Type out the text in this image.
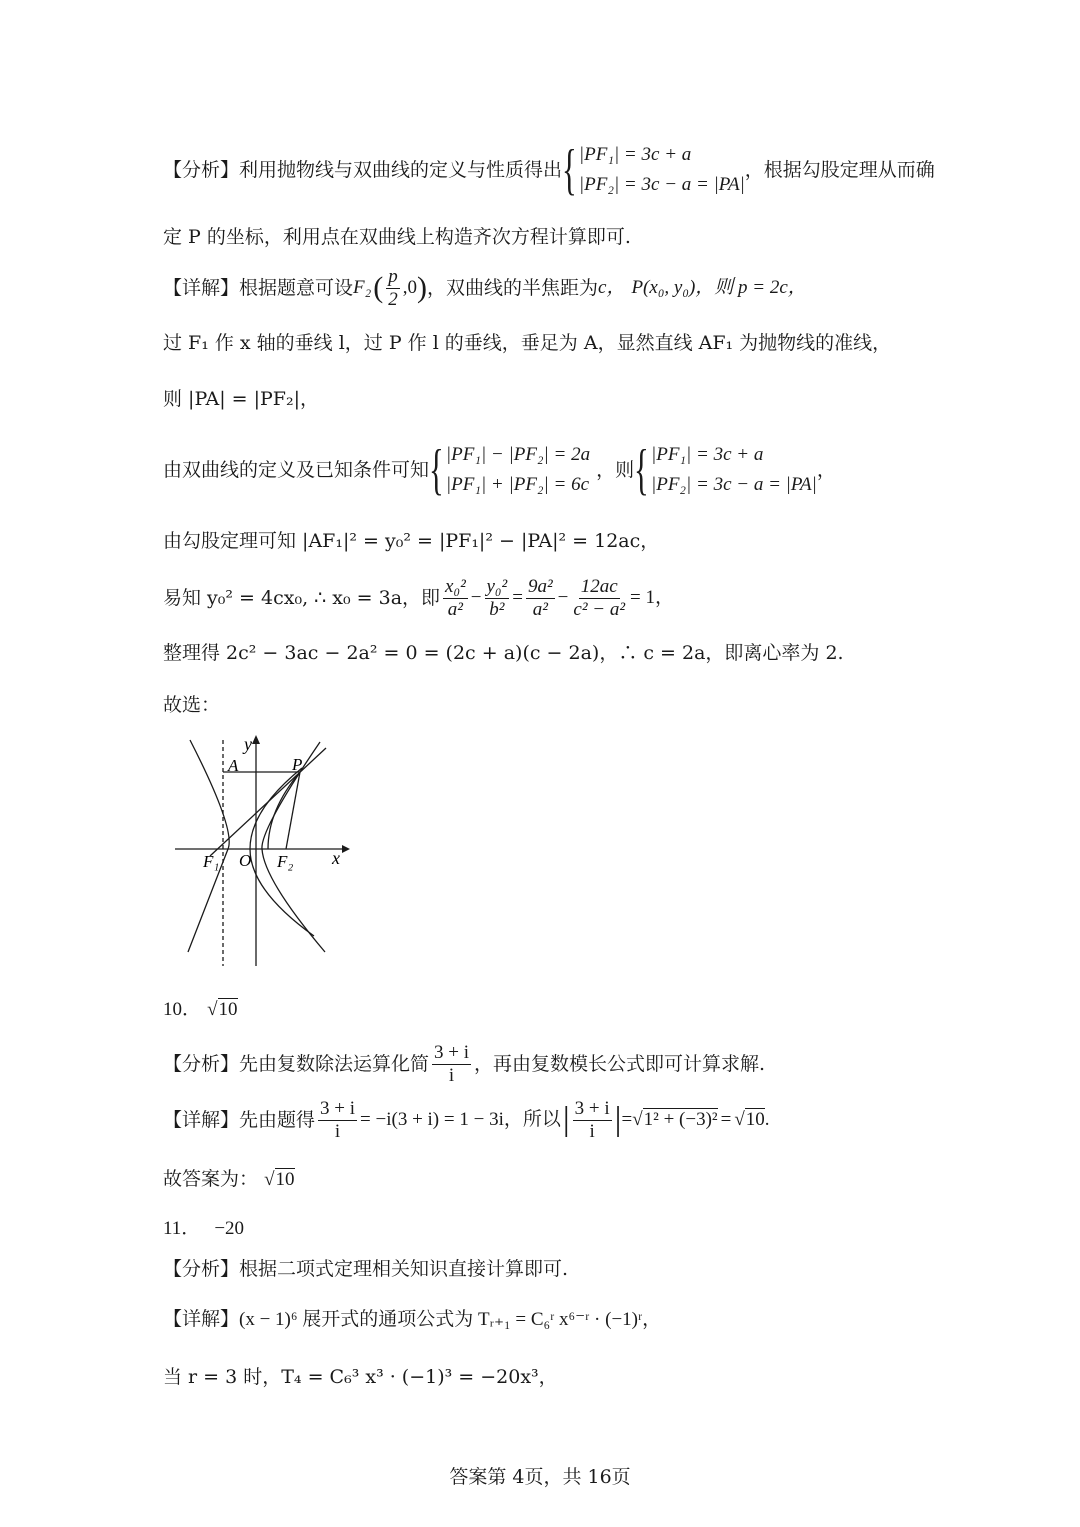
【分析】 利用抛物线与双曲线的定义与性质得出 { |PF₁| = 3c + a
|PF₂| = 3c − a = |PA|
，根据勾股定理从而确
定 P 的坐标，利用点在双曲线上构造齐次方程计算即可.
【详解】 根据题意可设 F₂ ( $\frac{p}{2} ,0$ ) ，双曲线的半焦距为 c， P(x₀, y₀)，则 p = 2c，
过 F₁ 作 x 轴的垂线 l，过 P 作 l 的垂线，垂足为 A，显然直线 AF₁ 为抛物线的准线，
则 |PA| = |PF₂|，
由双曲线的定义及已知条件可知 { |PF₁| − |PF₂| = 2a
|PF₁| + |PF₂| = 6c
，则 { |PF₁| = 3c + a
|PF₂| = 3c − a = |PA|
，
由勾股定理可知 |AF₁|² = y₀² = |PF₁|² − |PA|² = 12ac，
易知 y₀² = 4cx₀, ∴ x₀ = 3a，即 $\frac{\text{x₀²}}{\text{a²}} - \frac{\text{y₀²}}{\text{b²}} = \frac{\text{9a²}}{\text{a²}} - \frac{12ac}{\text{c² − a²}} = 1$，
整理得 2c² − 3ac − 2a² = 0 = (2c + a)(c − 2a)，∴ c = 2a，即离心率为 2.
故选：
y
A	P
x
F₁ O F₂
10． √10
【分析】 先由复数除法运算化简 $\frac{3 + i}{i}$ ，再由复数模长公式即可计算求解.
【详解】 先由题得 $\frac{3 + i}{i} = -i(3 + i) = 1 - 3i$，所以 | $\frac{3 + i}{i}$ | = √1² + (−3)² = √10 .
故答案为： √10
11． −20
【分析】根据二项式定理相关知识直接计算即可.
【详解】(x − 1)⁶ 展开式的通项公式为 Tᵣ₊₁ = C₆ʳ x⁶⁻ʳ · (−1)ʳ，
当 r = 3 时，T₄ = C₆³ x³ · (−1)³ = −20x³，
答案第 4页，共 16页
